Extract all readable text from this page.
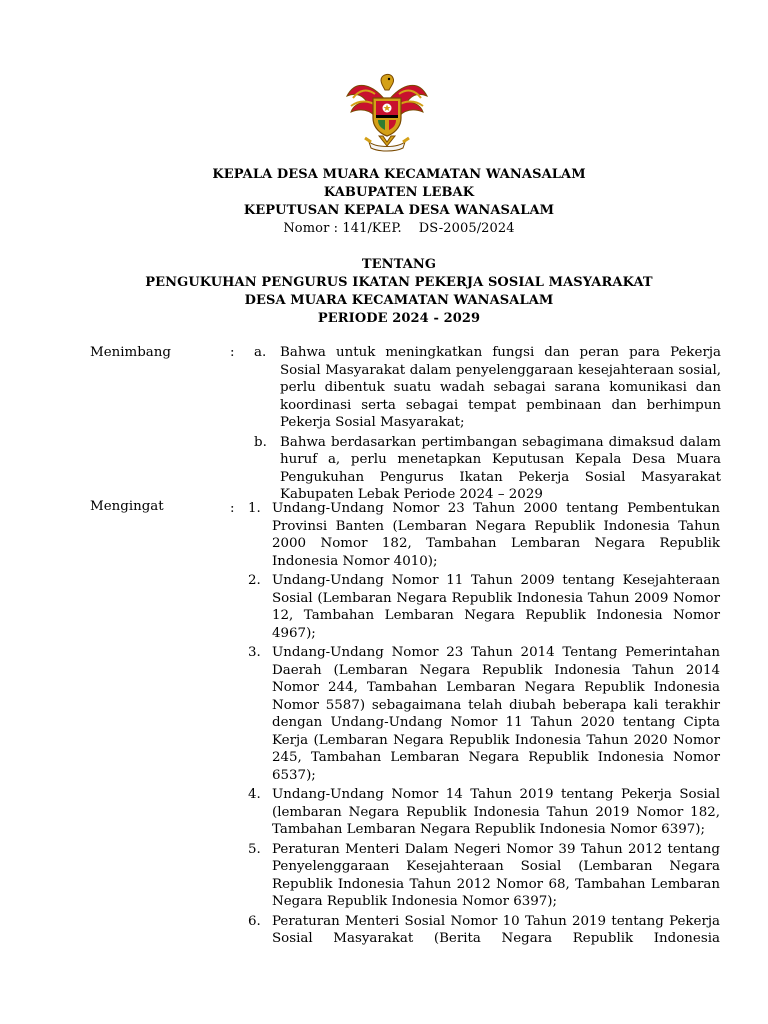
KEPALA DESA MUARA KECAMATAN WANASALAM
KABUPATEN LEBAK
KEPUTUSAN KEPALA DESA WANASALAM
Nomor : 141/KEP.    DS-2005/2024
TENTANG
PENGUKUHAN PENGURUS IKATAN PEKERJA SOSIAL MASYARAKAT
DESA MUARA KECAMATAN WANASALAM
PERIODE 2024 - 2029
Menimbang	: a. Bahwa untuk meningkatkan fungsi dan peran para Pekerja Sosial Masyarakat dalam penyelenggaraan kesejahteraan sosial, perlu dibentuk suatu wadah sebagai sarana komunikasi dan koordinasi serta sebagai tempat pembinaan dan berhimpun Pekerja Sosial Masyarakat;
b. Bahwa berdasarkan pertimbangan sebagimana dimaksud dalam huruf a, perlu menetapkan Keputusan Kepala Desa Muara Pengukuhan Pengurus Ikatan Pekerja Sosial Masyarakat Kabupaten Lebak Periode 2024 – 2029
Mengingat	: 1. Undang-Undang Nomor 23 Tahun 2000 tentang Pembentukan Provinsi Banten (Lembaran Negara Republik Indonesia Tahun 2000 Nomor 182, Tambahan Lembaran Negara Republik Indonesia Nomor 4010);
2. Undang-Undang Nomor 11 Tahun 2009 tentang Kesejahteraan Sosial (Lembaran Negara Republik Indonesia Tahun 2009 Nomor 12, Tambahan Lembaran Negara Republik Indonesia Nomor 4967);
3. Undang-Undang Nomor 23 Tahun 2014 Tentang Pemerintahan Daerah (Lembaran Negara Republik Indonesia Tahun 2014 Nomor 244, Tambahan Lembaran Negara Republik Indonesia Nomor 5587) sebagaimana telah diubah beberapa kali terakhir dengan Undang-Undang Nomor 11 Tahun 2020 tentang Cipta Kerja (Lembaran Negara Republik Indonesia Tahun 2020 Nomor 245, Tambahan Lembaran Negara Republik Indonesia Nomor 6537);
4. Undang-Undang Nomor 14 Tahun 2019 tentang Pekerja Sosial (lembaran Negara Republik Indonesia Tahun 2019 Nomor 182, Tambahan Lembaran Negara Republik Indonesia Nomor 6397);
5. Peraturan Menteri Dalam Negeri Nomor 39 Tahun 2012 tentang  Penyelenggaraan Kesejahteraan Sosial (Lembaran Negara Republik Indonesia Tahun 2012 Nomor 68, Tambahan Lembaran Negara Republik Indonesia Nomor 6397);
6. Peraturan Menteri Sosial Nomor 10 Tahun 2019 tentang Pekerja Sosial Masyarakat (Berita Negara Republik Indonesia
